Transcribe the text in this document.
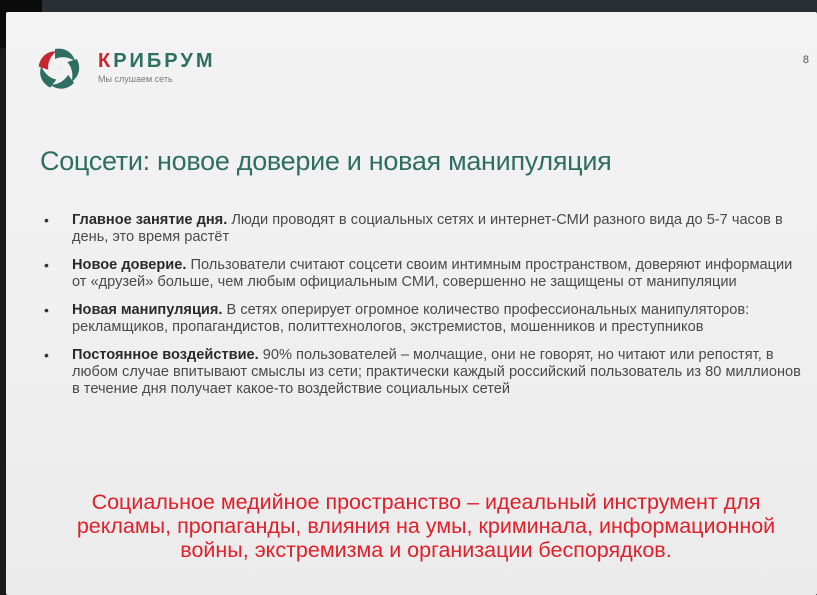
КРИБРУМ
Мы слушаем сеть
8
Соцсети: новое доверие и новая манипуляция
• Главное занятие дня. Люди проводят в социальных сетях и интернет-СМИ разного вида до 5-7 часов в день, это время растёт
• Новое доверие. Пользователи считают соцсети своим интимным пространством, доверяют информации от «друзей» больше, чем любым официальным СМИ, совершенно не защищены от манипуляции
• Новая манипуляция. В сетях оперирует огромное количество профессиональных манипуляторов: рекламщиков, пропагандистов, политтехнологов, экстремистов, мошенников и преступников
• Постоянное воздействие. 90% пользователей – молчащие, они не говорят, но читают или репостят, в любом случае впитывают смыслы из сети; практически каждый российский пользователь из 80 миллионов в течение дня получает какое-то воздействие социальных сетей
Социальное медийное пространство – идеальный инструмент для рекламы, пропаганды, влияния на умы, криминала, информационной войны, экстремизма и организации беспорядков.
